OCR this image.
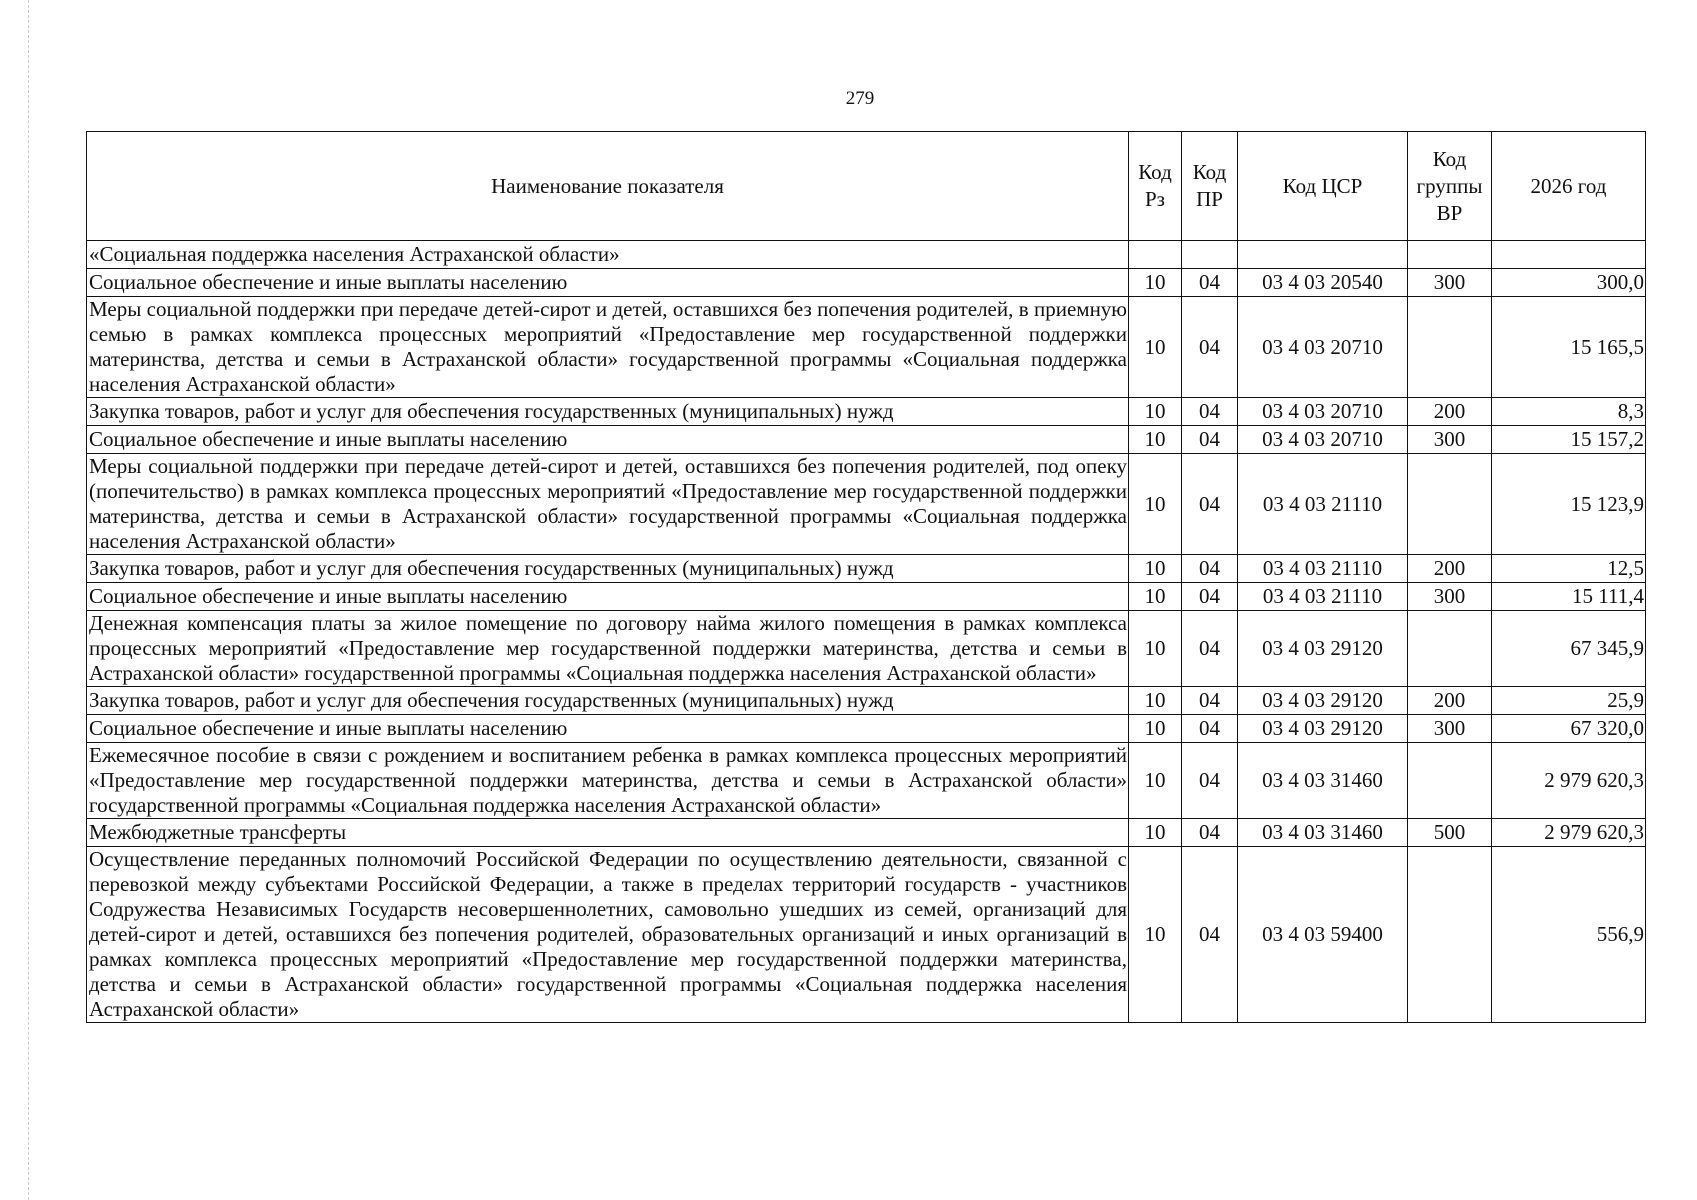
279
Наименование показателя	Код Рз	Код ПР	Код ЦСР	Код группы ВР	2026 год
«Социальная поддержка населения Астраханской области»					
Социальное обеспечение и иные выплаты населению	10	04	03 4 03 20540	300	300,0
Меры социальной поддержки при передаче детей-сирот и детей, оставшихся без попечения родителей, в приемную семью в рамках комплекса процессных мероприятий «Предоставление мер государственной поддержки материнства, детства и семьи в Астраханской области» государственной программы «Социальная поддержка населения Астраханской области»	10	04	03 4 03 20710		15 165,5
Закупка товаров, работ и услуг для обеспечения государственных (муниципальных) нужд	10	04	03 4 03 20710	200	8,3
Социальное обеспечение и иные выплаты населению	10	04	03 4 03 20710	300	15 157,2
Меры социальной поддержки при передаче детей-сирот и детей, оставшихся без попечения родителей, под опеку (попечительство) в рамках комплекса процессных мероприятий «Предоставление мер государственной поддержки материнства, детства и семьи в Астраханской области» государственной программы «Социальная поддержка населения Астраханской области»	10	04	03 4 03 21110		15 123,9
Закупка товаров, работ и услуг для обеспечения государственных (муниципальных) нужд	10	04	03 4 03 21110	200	12,5
Социальное обеспечение и иные выплаты населению	10	04	03 4 03 21110	300	15 111,4
Денежная компенсация платы за жилое помещение по договору найма жилого помещения в рамках комплекса процессных мероприятий «Предоставление мер государственной поддержки материнства, детства и семьи в Астраханской области» государственной программы «Социальная поддержка населения Астраханской области»	10	04	03 4 03 29120		67 345,9
Закупка товаров, работ и услуг для обеспечения государственных (муниципальных) нужд	10	04	03 4 03 29120	200	25,9
Социальное обеспечение и иные выплаты населению	10	04	03 4 03 29120	300	67 320,0
Ежемесячное пособие в связи с рождением и воспитанием ребенка в рамках комплекса процессных мероприятий «Предоставление мер государственной поддержки материнства, детства и семьи в Астраханской области» государственной программы «Социальная поддержка населения Астраханской области»	10	04	03 4 03 31460		2 979 620,3
Межбюджетные трансферты	10	04	03 4 03 31460	500	2 979 620,3
Осуществление переданных полномочий Российской Федерации по осуществлению деятельности, связанной с перевозкой между субъектами Российской Федерации, а также в пределах территорий государств - участников Содружества Независимых Государств несовершеннолетних, самовольно ушедших из семей, организаций для детей-сирот и детей, оставшихся без попечения родителей, образовательных организаций и иных организаций в рамках комплекса процессных мероприятий «Предоставление мер государственной поддержки материнства, детства и семьи в Астраханской области» государственной программы «Социальная поддержка населения Астраханской области»	10	04	03 4 03 59400		556,9
